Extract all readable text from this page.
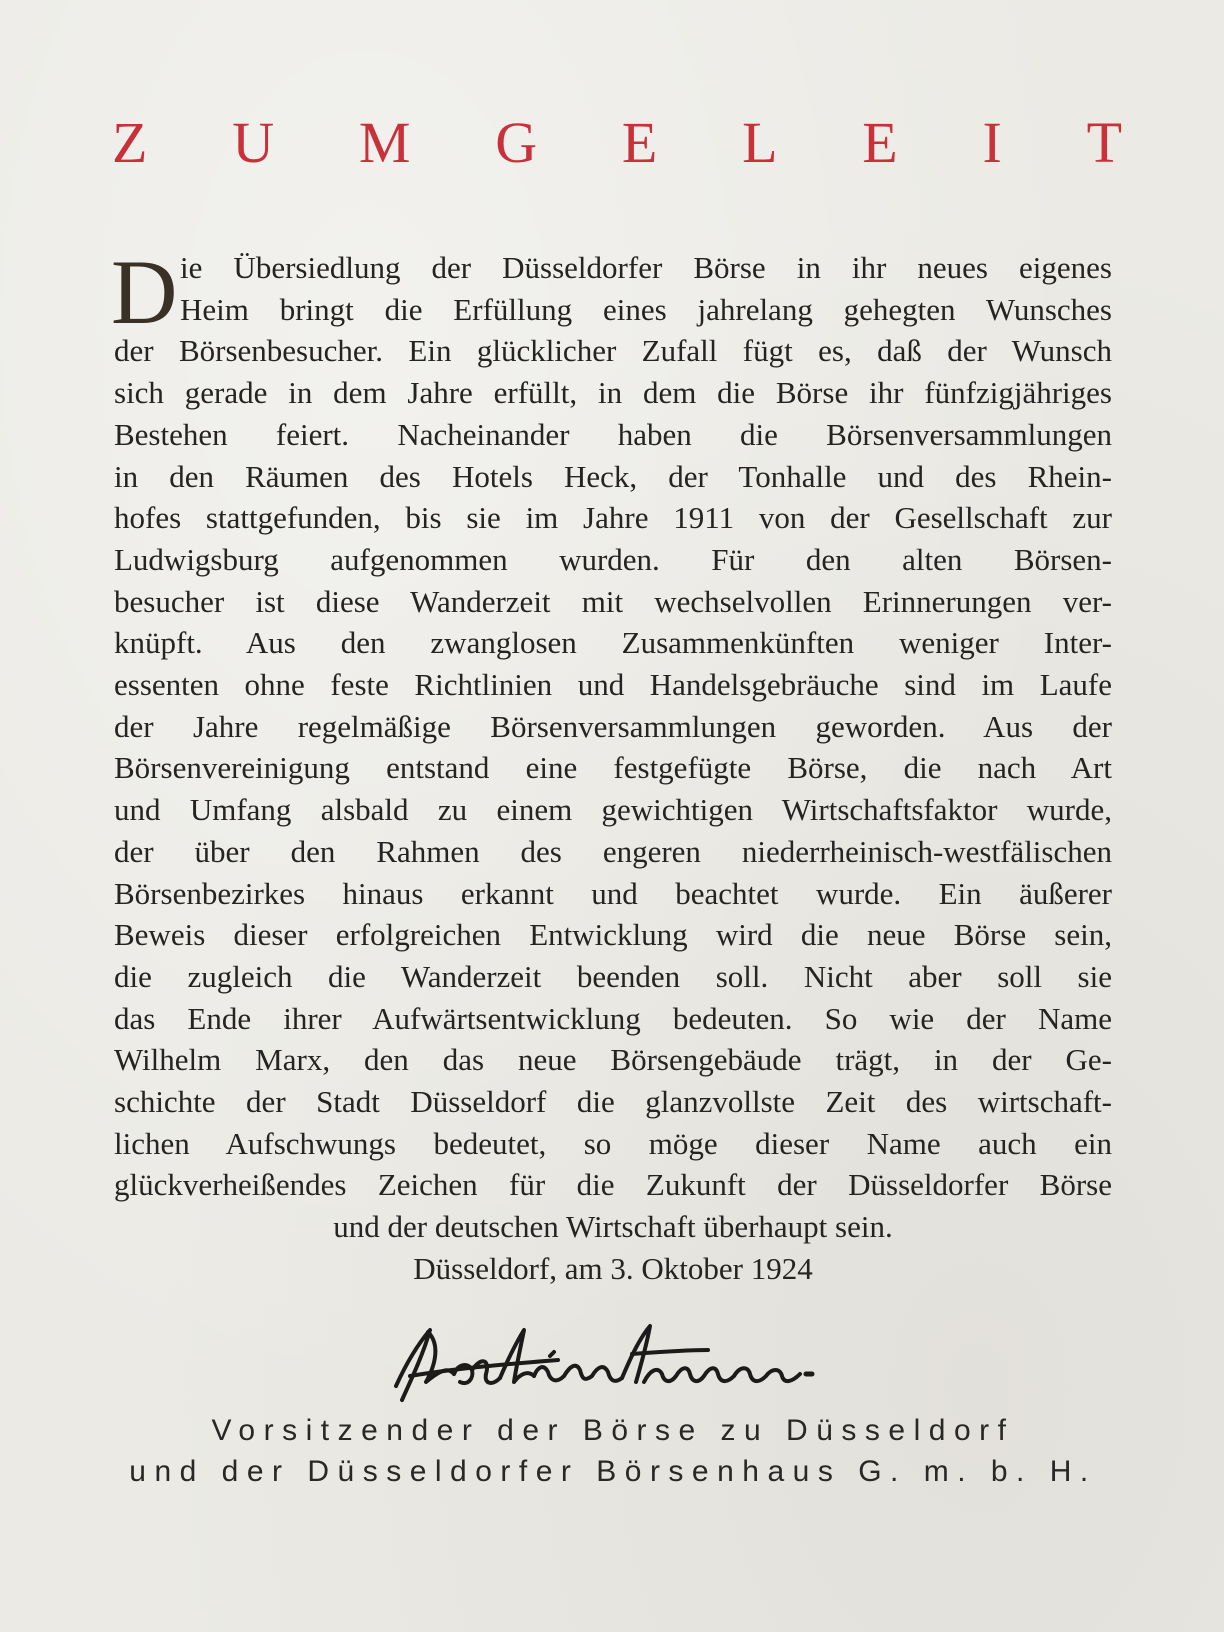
Z U M G E L E I T
D ie Übersiedlung der Düsseldorfer Börse in ihr neues eigenes
Heim bringt die Erfüllung eines jahrelang gehegten Wunsches
der Börsenbesucher. Ein glücklicher Zufall fügt es, daß der Wunsch
sich gerade in dem Jahre erfüllt, in dem die Börse ihr fünfzigjähriges
Bestehen feiert. Nacheinander haben die Börsenversammlungen
in den Räumen des Hotels Heck, der Tonhalle und des Rhein-
hofes stattgefunden, bis sie im Jahre 1911 von der Gesellschaft zur
Ludwigsburg aufgenommen wurden. Für den alten Börsen-
besucher ist diese Wanderzeit mit wechselvollen Erinnerungen ver-
knüpft. Aus den zwanglosen Zusammenkünften weniger Inter-
essenten ohne feste Richtlinien und Handelsgebräuche sind im Laufe
der Jahre regelmäßige Börsenversammlungen geworden. Aus der
Börsenvereinigung entstand eine festgefügte Börse, die nach Art
und Umfang alsbald zu einem gewichtigen Wirtschaftsfaktor wurde,
der über den Rahmen des engeren niederrheinisch-westfälischen
Börsenbezirkes hinaus erkannt und beachtet wurde. Ein äußerer
Beweis dieser erfolgreichen Entwicklung wird die neue Börse sein,
die zugleich die Wanderzeit beenden soll. Nicht aber soll sie
das Ende ihrer Aufwärtsentwicklung bedeuten. So wie der Name
Wilhelm Marx, den das neue Börsengebäude trägt, in der Ge-
schichte der Stadt Düsseldorf die glanzvollste Zeit des wirtschaft-
lichen Aufschwungs bedeutet, so möge dieser Name auch ein
glückverheißendes Zeichen für die Zukunft der Düsseldorfer Börse
und der deutschen Wirtschaft überhaupt sein.
Düsseldorf, am 3. Oktober 1924
Vorsitzender der Börse zu Düsseldorf
und der Düsseldorfer Börsenhaus G. m. b. H.
